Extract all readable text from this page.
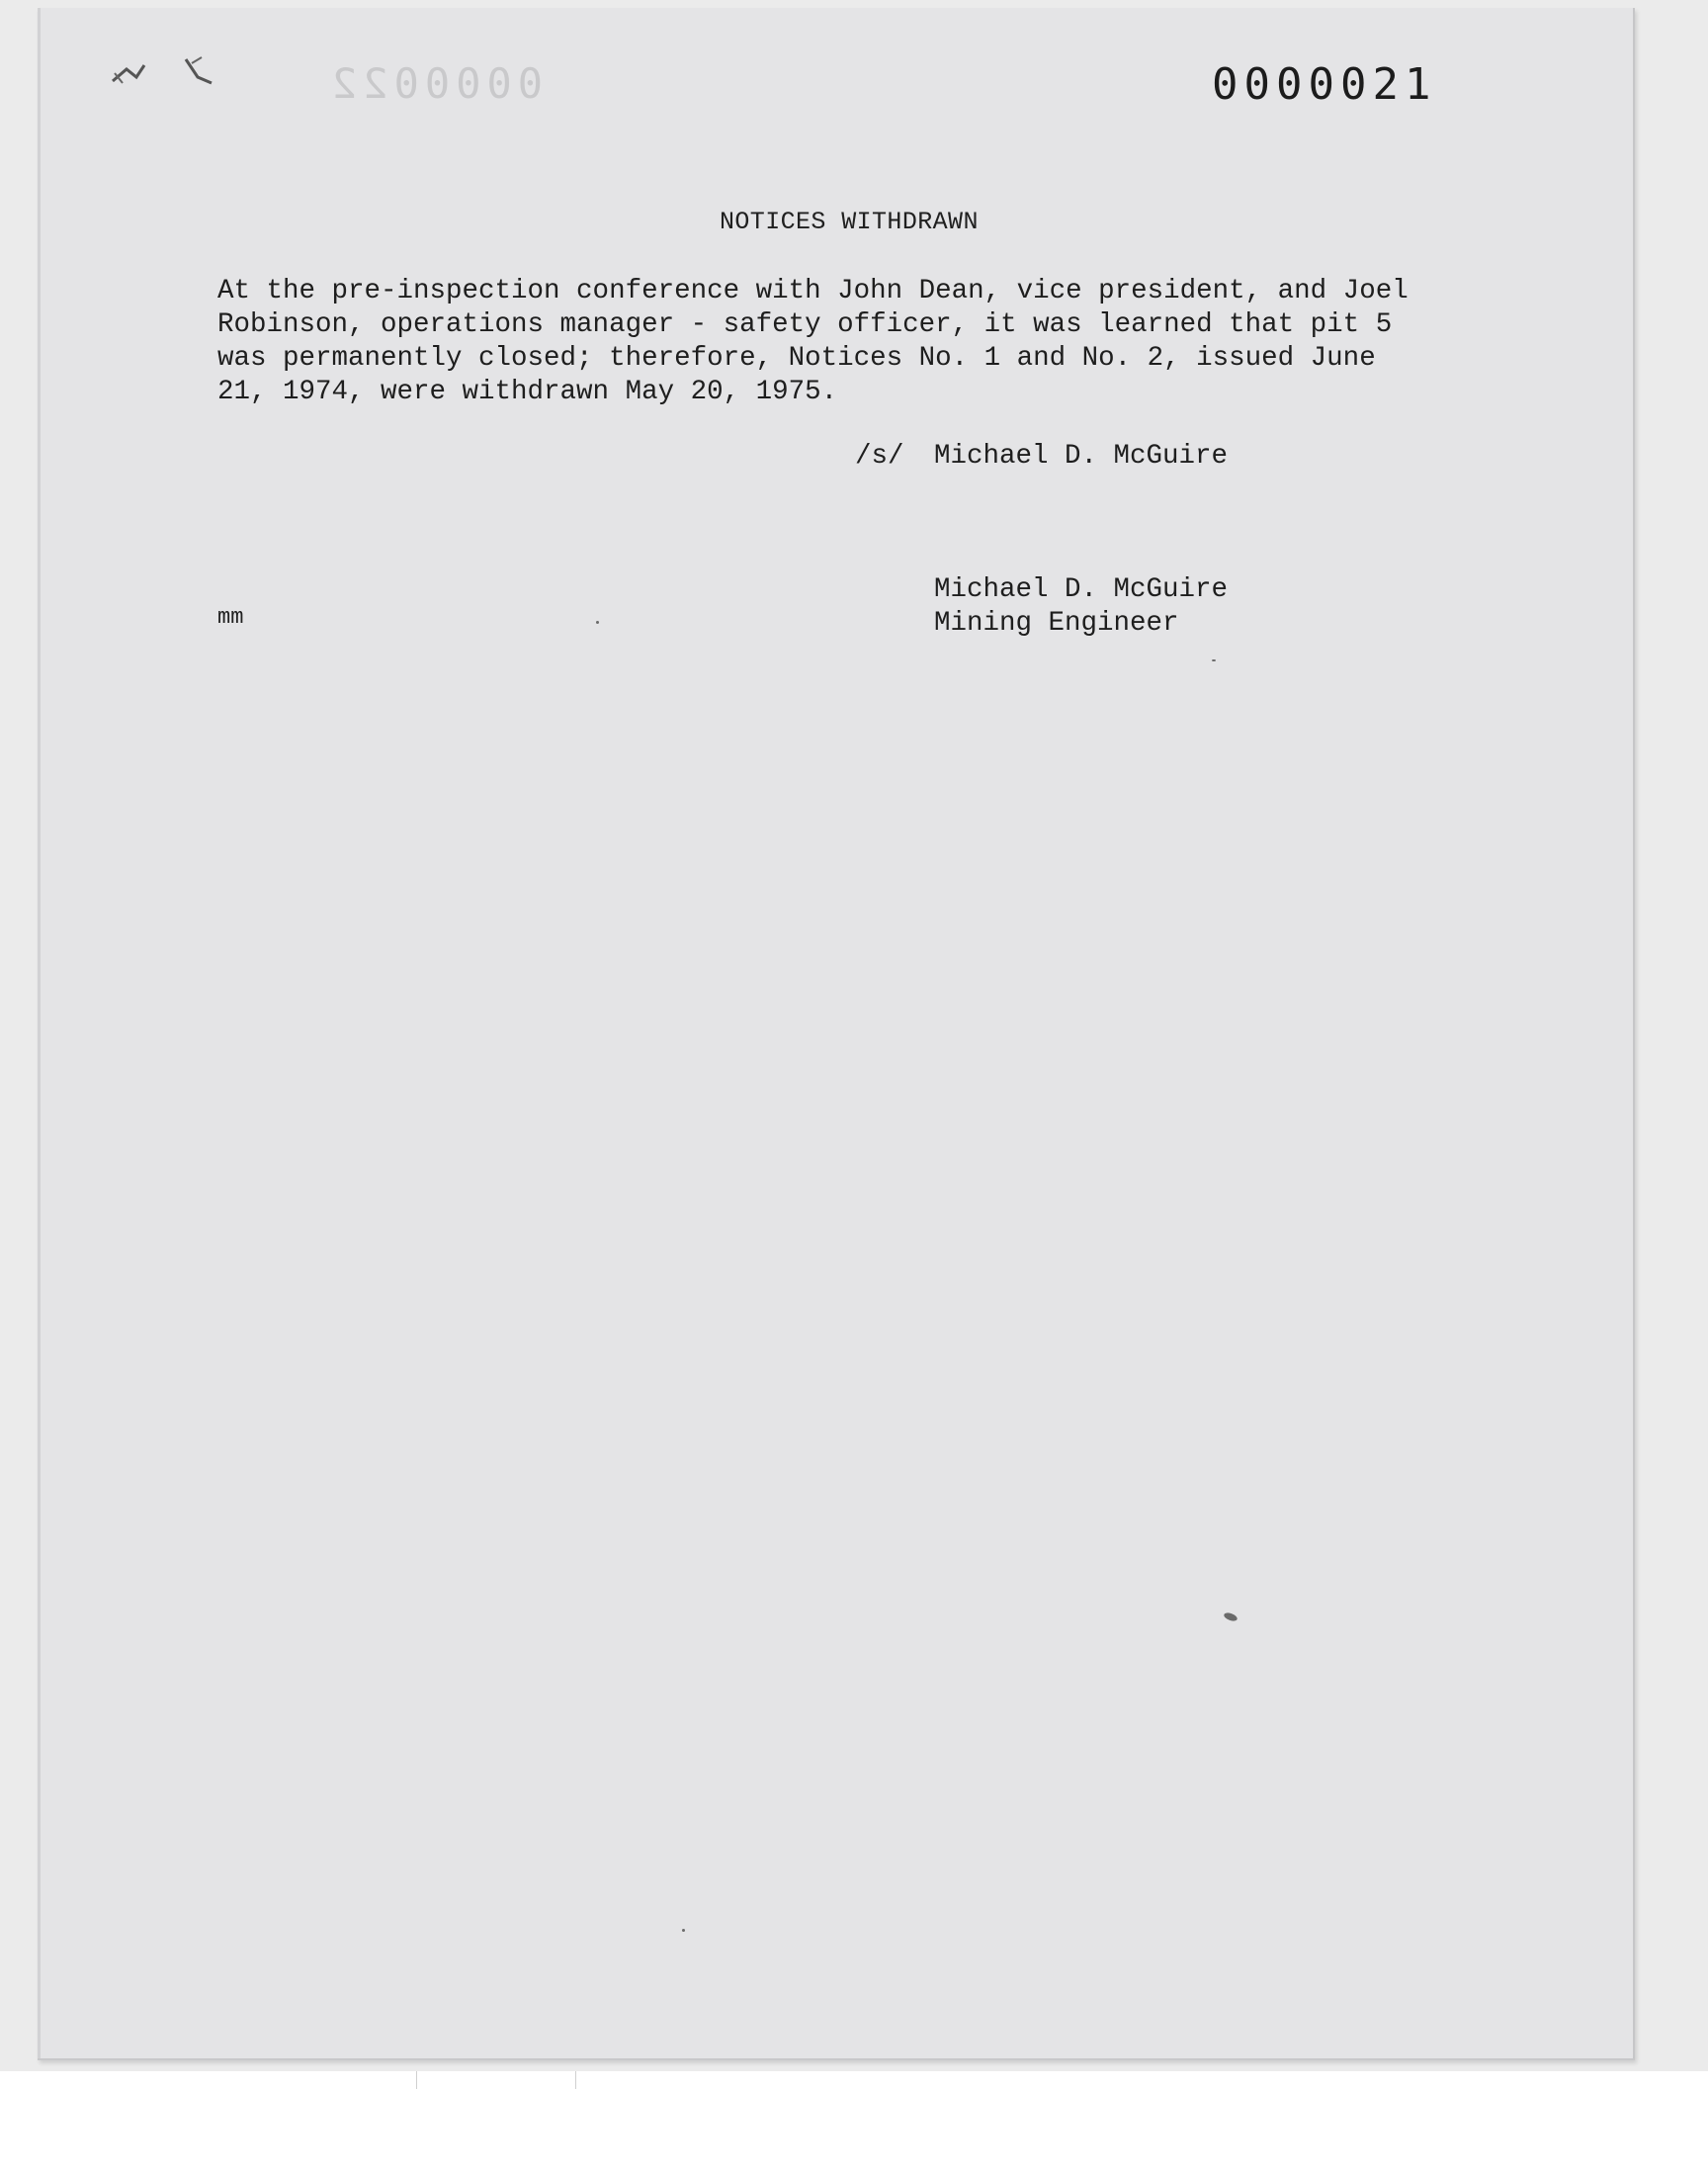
0000022	0000021
NOTICES WITHDRAWN
At the pre-inspection conference with John Dean, vice president, and Joel
Robinson, operations manager - safety officer, it was learned that pit 5
was permanently closed; therefore, Notices No. 1 and No. 2, issued June
21, 1974, were withdrawn May 20, 1975.
/s/ Michael D. McGuire
Michael D. McGuire
Mining Engineer
mm
